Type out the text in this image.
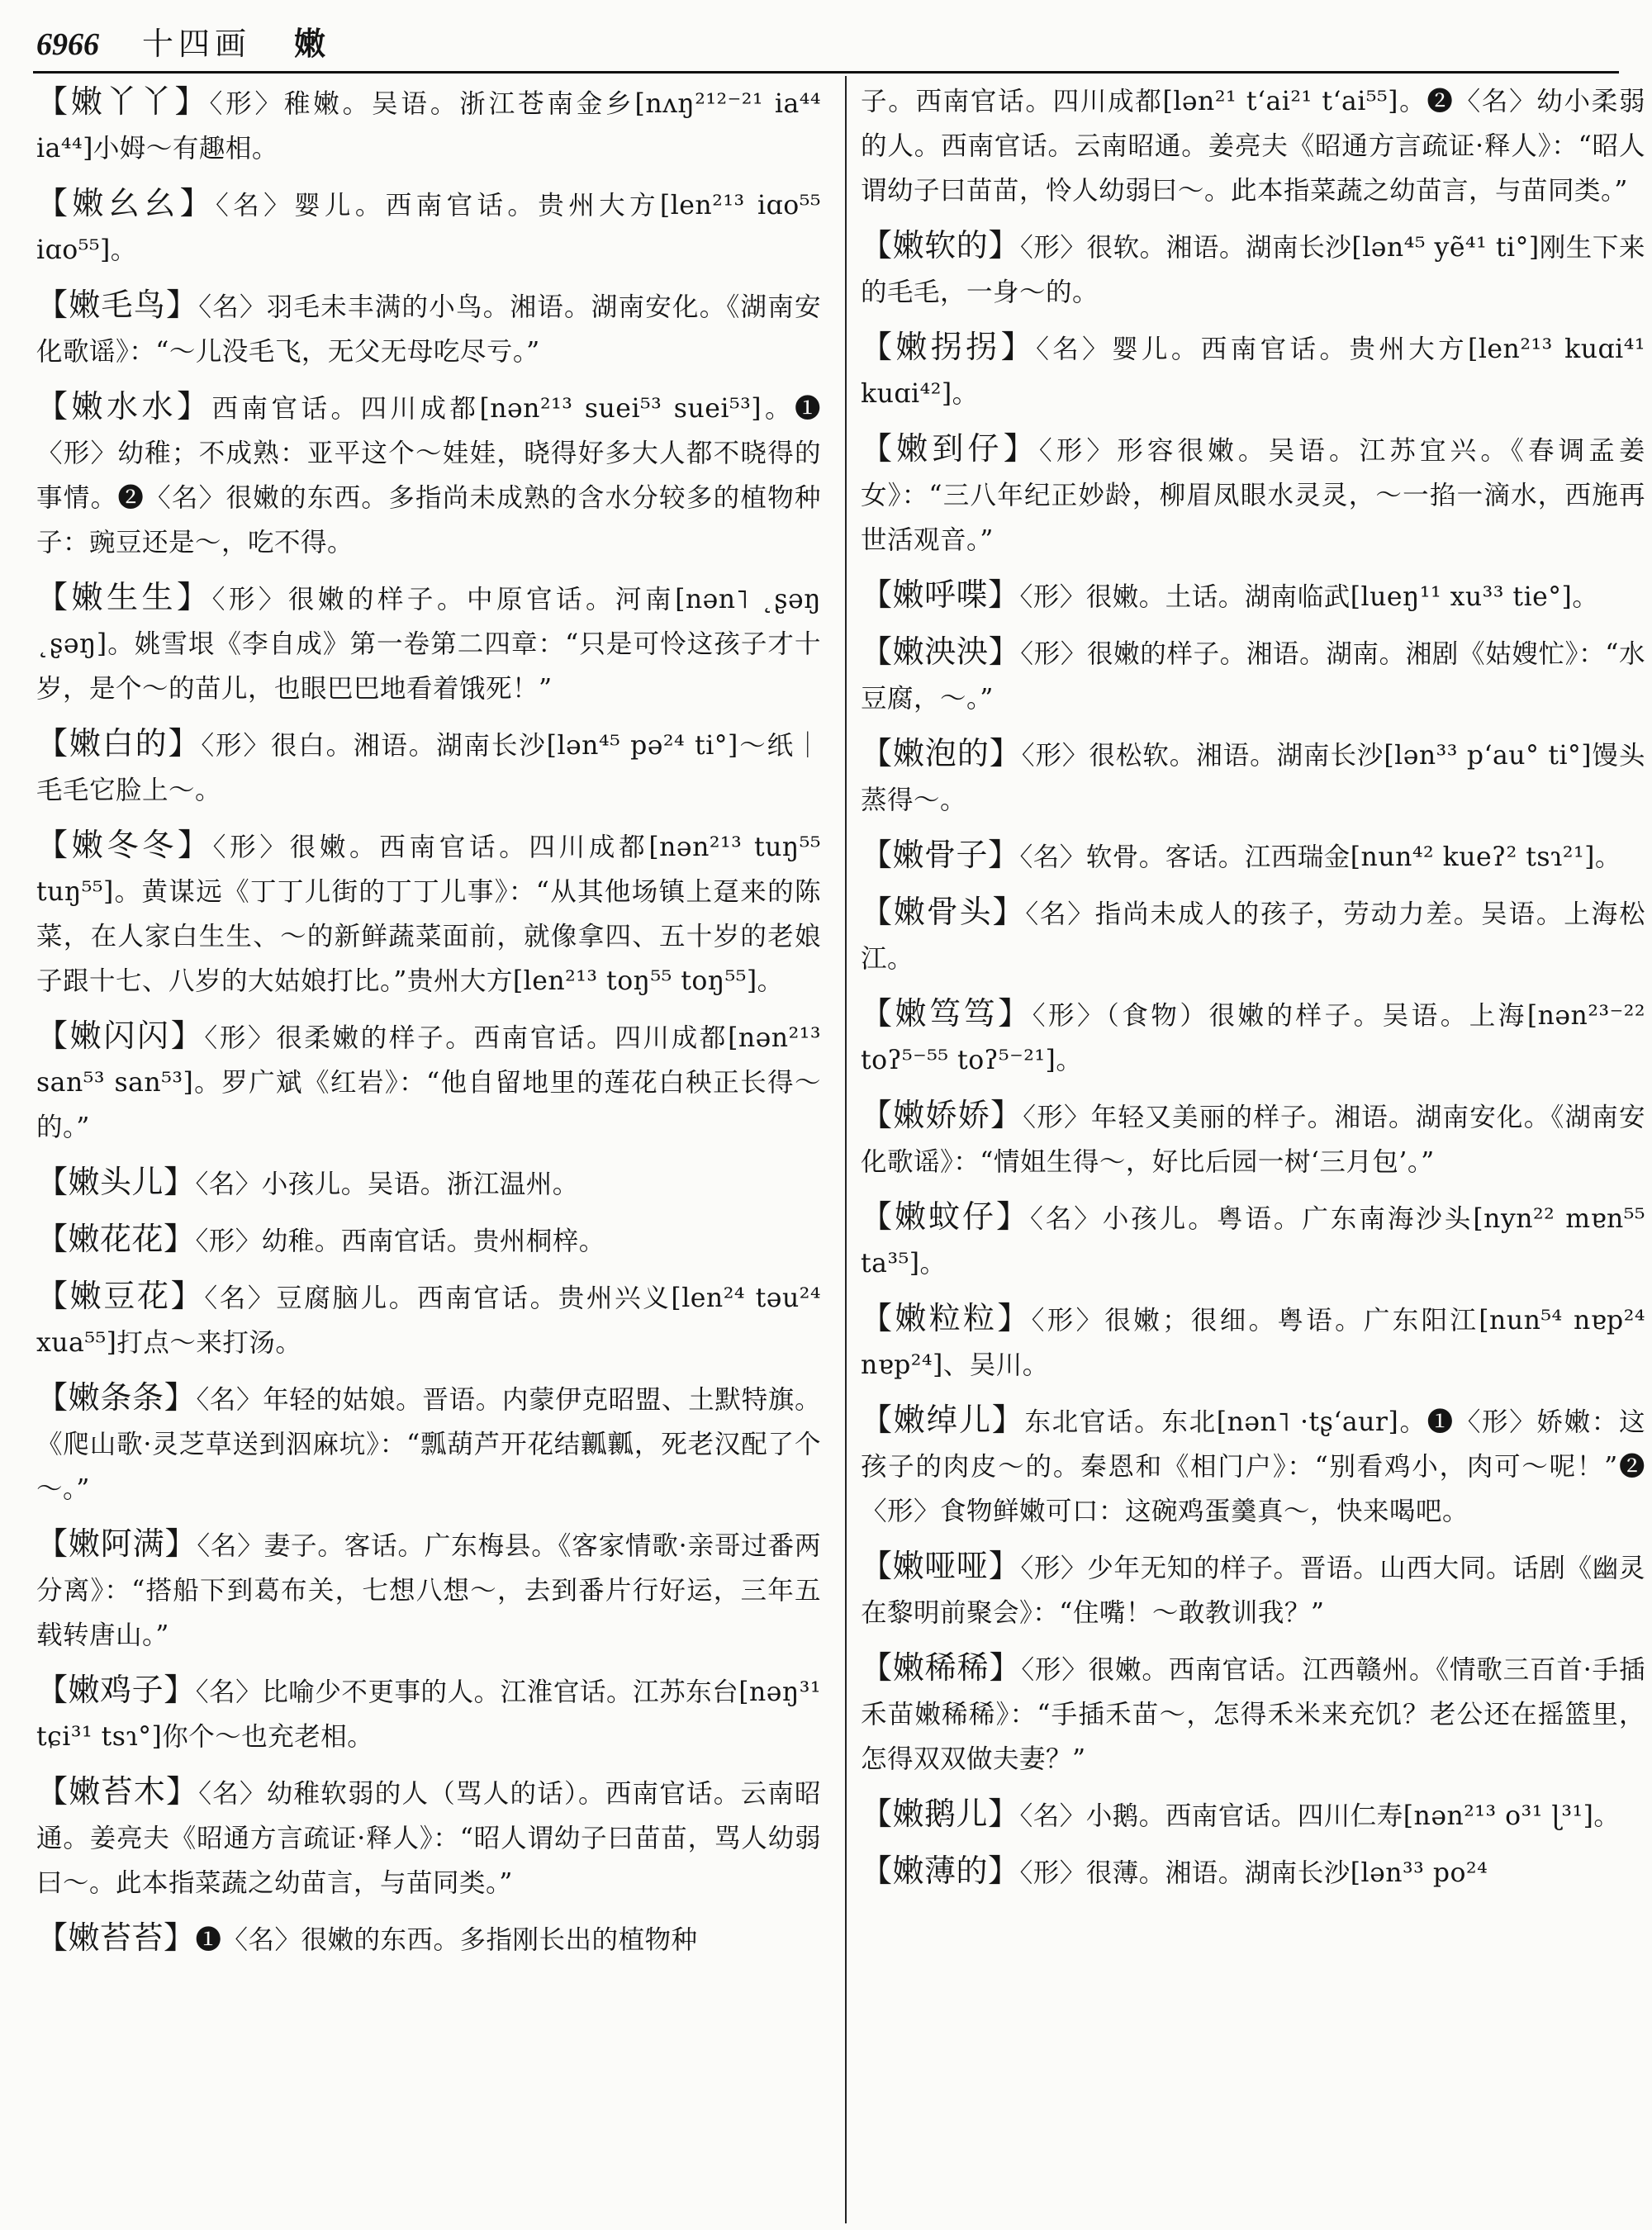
6966 十四画 嫩
【嫩丫丫】〈形〉稚嫩。吴语。浙江苍南金乡[nʌŋ²¹²⁻²¹ ia⁴⁴ ia⁴⁴]小姆～有趣相。
【嫩幺幺】〈名〉婴儿。西南官话。贵州大方[len²¹³ iɑo⁵⁵ iɑo⁵⁵]。
【嫩毛鸟】〈名〉羽毛未丰满的小鸟。湘语。湖南安化。《湖南安化歌谣》：“～儿没毛飞，无父无母吃尽亏。”
【嫩水水】西南官话。四川成都[nən²¹³ suei⁵³ suei⁵³]。❶〈形〉幼稚；不成熟：亚平这个～娃娃，晓得好多大人都不晓得的事情。❷〈名〉很嫩的东西。多指尚未成熟的含水分较多的植物种子：豌豆还是～，吃不得。
【嫩生生】〈形〉很嫩的样子。中原官话。河南[nən˥ ˛ʂəŋ ˛ʂəŋ]。姚雪垠《李自成》第一卷第二四章：“只是可怜这孩子才十岁，是个～的苗儿，也眼巴巴地看着饿死！”
【嫩白的】〈形〉很白。湘语。湖南长沙[lən⁴⁵ pə²⁴ ti°]～纸｜毛毛它脸上～。
【嫩冬冬】〈形〉很嫩。西南官话。四川成都[nən²¹³ tuŋ⁵⁵ tuŋ⁵⁵]。黄谋远《丁丁儿街的丁丁儿事》：“从其他场镇上趸来的陈菜，在人家白生生、～的新鲜蔬菜面前，就像拿四、五十岁的老娘子跟十七、八岁的大姑娘打比。”贵州大方[len²¹³ toŋ⁵⁵ toŋ⁵⁵]。
【嫩闪闪】〈形〉很柔嫩的样子。西南官话。四川成都[nən²¹³ san⁵³ san⁵³]。罗广斌《红岩》：“他自留地里的莲花白秧正长得～的。”
【嫩头儿】〈名〉小孩儿。吴语。浙江温州。
【嫩花花】〈形〉幼稚。西南官话。贵州桐梓。
【嫩豆花】〈名〉豆腐脑儿。西南官话。贵州兴义[len²⁴ təu²⁴ xua⁵⁵]打点～来打汤。
【嫩条条】〈名〉年轻的姑娘。晋语。内蒙伊克昭盟、土默特旗。《爬山歌·灵芝草送到泅麻坑》：“瓢葫芦开花结瓤瓤，死老汉配了个～。”
【嫩阿满】〈名〉妻子。客话。广东梅县。《客家情歌·亲哥过番两分离》：“搭船下到葛布关，七想八想～，去到番片行好运，三年五载转唐山。”
【嫩鸡子】〈名〉比喻少不更事的人。江淮官话。江苏东台[nəŋ³¹ tɕi³¹ tsɿ°]你个～也充老相。
【嫩苔木】〈名〉幼稚软弱的人（骂人的话）。西南官话。云南昭通。姜亮夫《昭通方言疏证·释人》：“昭人谓幼子曰苗苗，骂人幼弱曰～。此本指菜蔬之幼苗言，与苗同类。”
【嫩苔苔】❶〈名〉很嫩的东西。多指刚长出的植物种
子。西南官话。四川成都[lən²¹ t‘ai²¹ t‘ai⁵⁵]。❷〈名〉幼小柔弱的人。西南官话。云南昭通。姜亮夫《昭通方言疏证·释人》：“昭人谓幼子曰苗苗，怜人幼弱曰～。此本指菜蔬之幼苗言，与苗同类。”
【嫩软的】〈形〉很软。湘语。湖南长沙[lən⁴⁵ yẽ⁴¹ ti°]刚生下来的毛毛，一身～的。
【嫩拐拐】〈名〉婴儿。西南官话。贵州大方[len²¹³ kuɑi⁴¹ kuɑi⁴²]。
【嫩到仔】〈形〉形容很嫩。吴语。江苏宜兴。《春调孟姜女》：“三八年纪正妙龄，柳眉凤眼水灵灵，～一掐一滴水，西施再世活观音。”
【嫩呼喋】〈形〉很嫩。土话。湖南临武[lueŋ¹¹ xu³³ tie°]。
【嫩泱泱】〈形〉很嫩的样子。湘语。湖南。湘剧《姑嫂忙》：“水豆腐，～。”
【嫩泡的】〈形〉很松软。湘语。湖南长沙[lən³³ p‘au° ti°]馒头蒸得～。
【嫩骨子】〈名〉软骨。客话。江西瑞金[nun⁴² kueʔ² tsɿ²¹]。
【嫩骨头】〈名〉指尚未成人的孩子，劳动力差。吴语。上海松江。
【嫩笃笃】〈形〉（食物）很嫩的样子。吴语。上海[nən²³⁻²² toʔ⁵⁻⁵⁵ toʔ⁵⁻²¹]。
【嫩娇娇】〈形〉年轻又美丽的样子。湘语。湖南安化。《湖南安化歌谣》：“情姐生得～，好比后园一树‘三月包’。”
【嫩蚊仔】〈名〉小孩儿。粤语。广东南海沙头[nyn²² mɐn⁵⁵ ta³⁵]。
【嫩粒粒】〈形〉很嫩；很细。粤语。广东阳江[nun⁵⁴ nɐp²⁴ nɐp²⁴]、吴川。
【嫩绰儿】东北官话。东北[nən˥ ·tʂ‘aur]。❶〈形〉娇嫩：这孩子的肉皮～的。秦恩和《相门户》：“别看鸡小，肉可～呢！”❷〈形〉食物鲜嫩可口：这碗鸡蛋羹真～，快来喝吧。
【嫩哑哑】〈形〉少年无知的样子。晋语。山西大同。话剧《幽灵在黎明前聚会》：“住嘴！～敢教训我？”
【嫩稀稀】〈形〉很嫩。西南官话。江西赣州。《情歌三百首·手插禾苗嫩稀稀》：“手插禾苗～，怎得禾米来充饥？老公还在摇篮里，怎得双双做夫妻？”
【嫩鹅儿】〈名〉小鹅。西南官话。四川仁寿[nən²¹³ o³¹ ɭ³¹]。
【嫩薄的】〈形〉很薄。湘语。湖南长沙[lən³³ po²⁴
